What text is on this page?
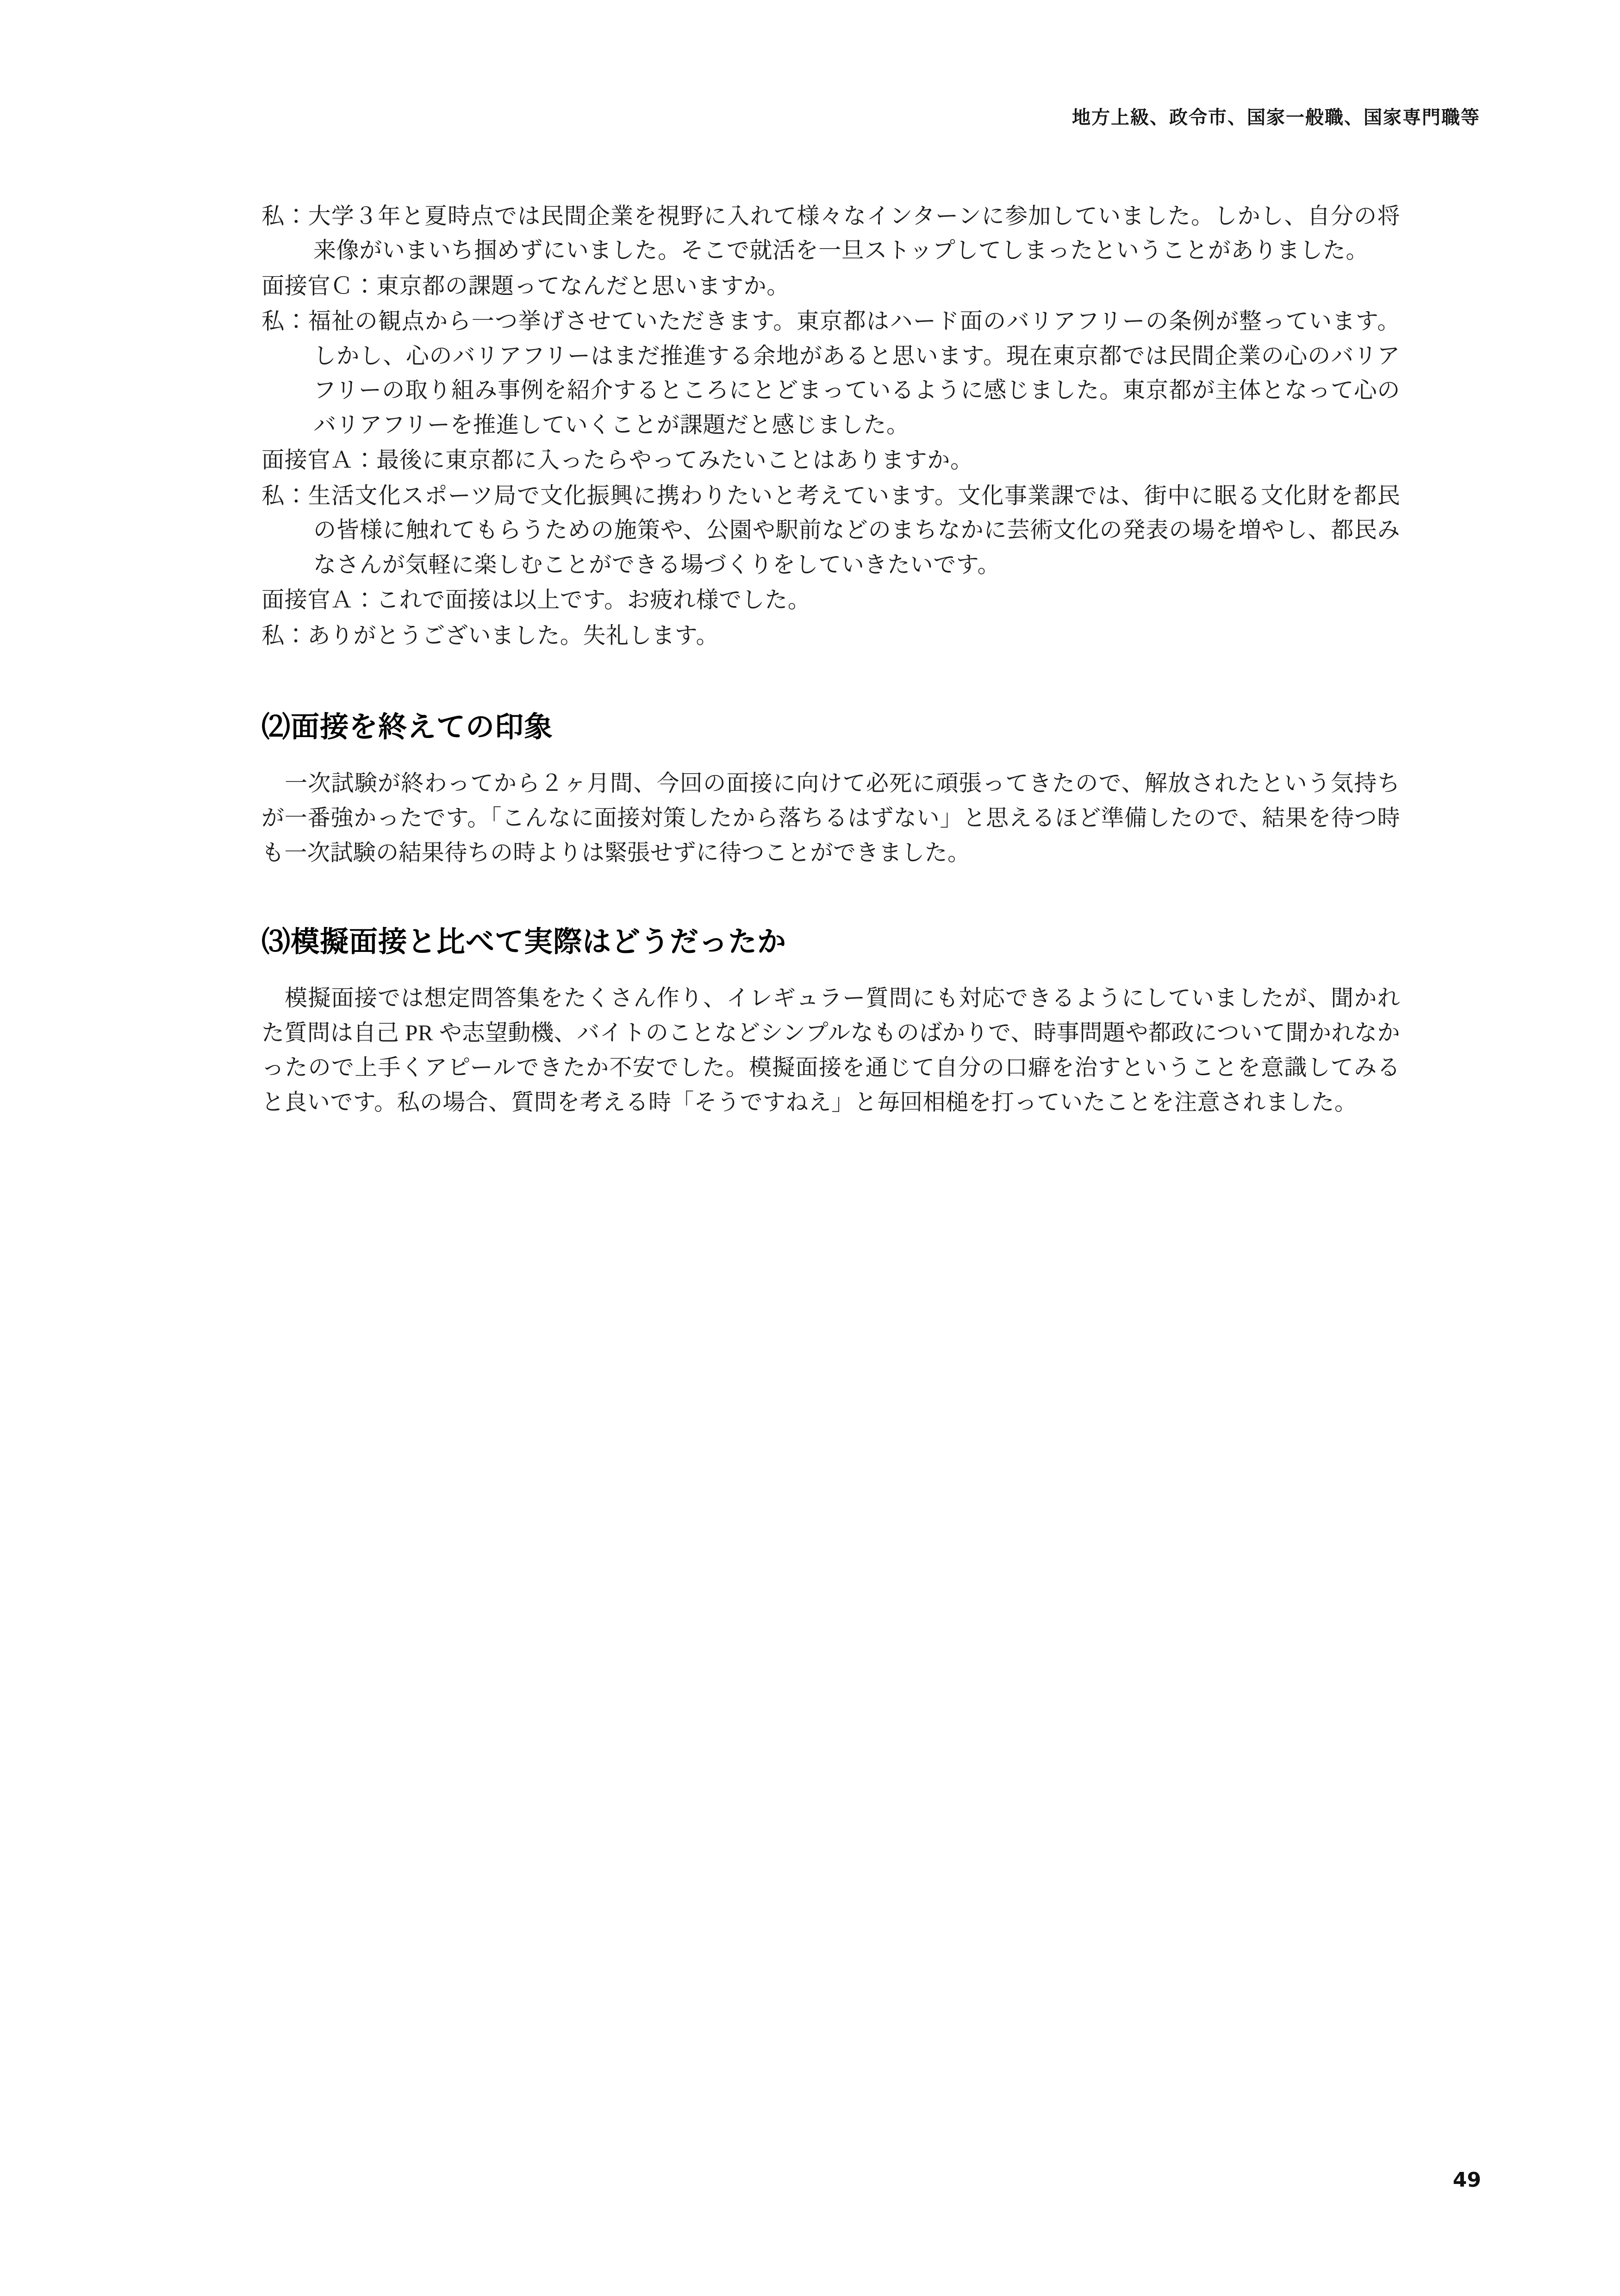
地方上級、政令市、国家一般職、国家専門職等

私：大学３年と夏時点では民間企業を視野に入れて様々なインターンに参加していました。しかし、自分の将来像がいまいち掴めずにいました。そこで就活を一旦ストップしてしまったということがありました。

面接官Ｃ：東京都の課題ってなんだと思いますか。

私：福祉の観点から一つ挙げさせていただきます。東京都はハード面のバリアフリーの条例が整っています。しかし、心のバリアフリーはまだ推進する余地があると思います。現在東京都では民間企業の心のバリアフリーの取り組み事例を紹介するところにとどまっているように感じました。東京都が主体となって心のバリアフリーを推進していくことが課題だと感じました。

面接官Ａ：最後に東京都に入ったらやってみたいことはありますか。

私：生活文化スポーツ局で文化振興に携わりたいと考えています。文化事業課では、街中に眠る文化財を都民の皆様に触れてもらうための施策や、公園や駅前などのまちなかに芸術文化の発表の場を増やし、都民みなさんが気軽に楽しむことができる場づくりをしていきたいです。

面接官Ａ：これで面接は以上です。お疲れ様でした。

私：ありがとうございました。失礼します。

⑵面接を終えての印象

一次試験が終わってから２ヶ月間、今回の面接に向けて必死に頑張ってきたので、解放されたという気持ちが一番強かったです。「こんなに面接対策したから落ちるはずない」と思えるほど準備したので、結果を待つ時も一次試験の結果待ちの時よりは緊張せずに待つことができました。

⑶模擬面接と比べて実際はどうだったか

模擬面接では想定問答集をたくさん作り、イレギュラー質問にも対応できるようにしていましたが、聞かれた質問は自己 PR や志望動機、バイトのことなどシンプルなものばかりで、時事問題や都政について聞かれなかったので上手くアピールできたか不安でした。模擬面接を通じて自分の口癖を治すということを意識してみると良いです。私の場合、質問を考える時「そうですねえ」と毎回相槌を打っていたことを注意されました。

49
